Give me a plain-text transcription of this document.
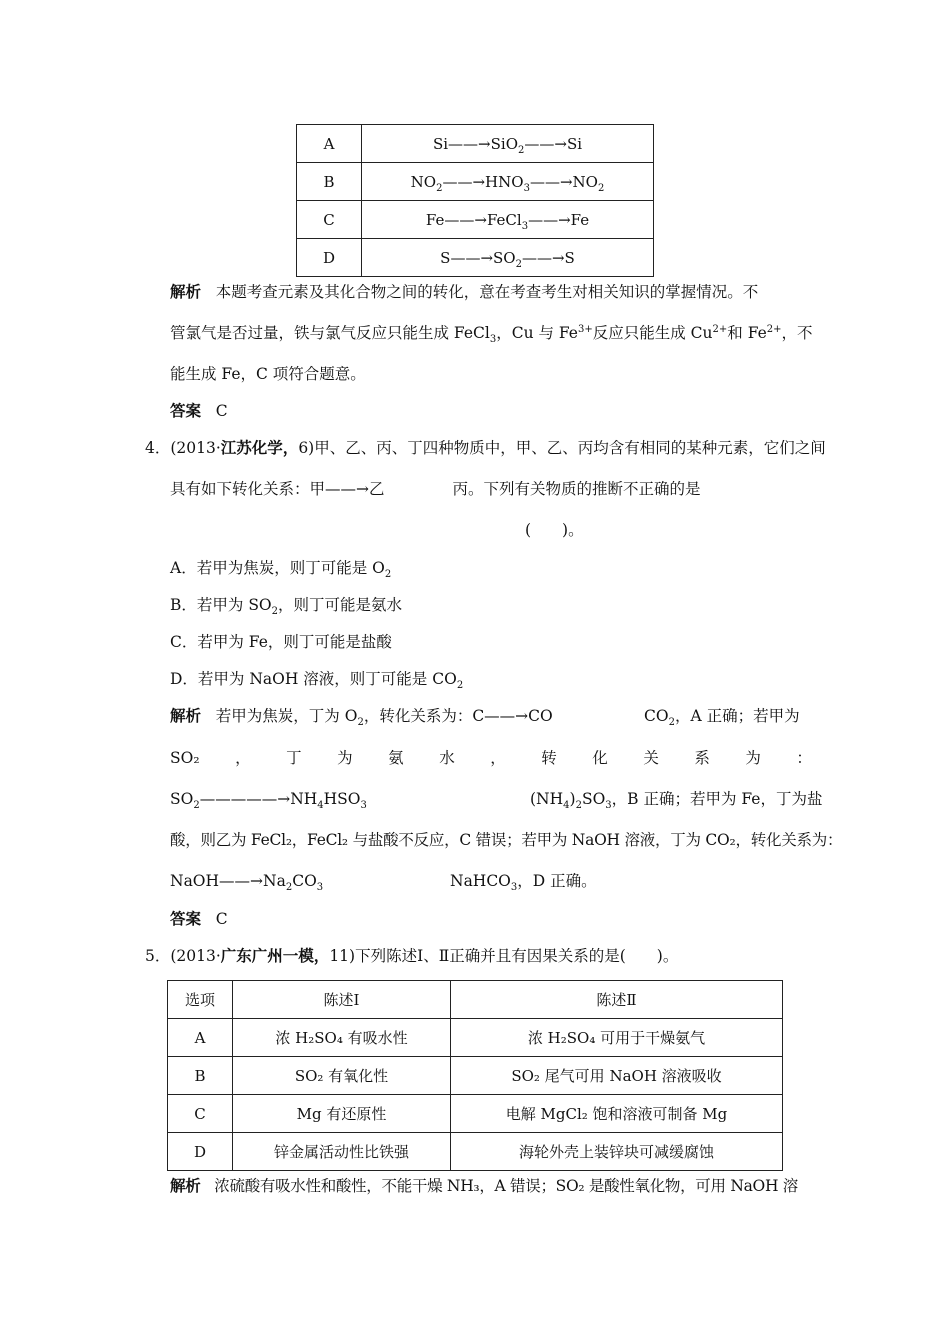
A	Si——→SiO$_2$——→Si
B	$NO_2——\to HNO_3——\to NO_2$
C	Fe——→FeCl$_3$——→Fe
D	$S——\to SO_2——\to S$
解析 本题考查元素及其化合物之间的转化，意在考查考生对相关知识的掌握情况。不
管氯气是否过量，铁与氯气反应只能生成 FeCl$_3$，Cu 与 $Fe^{3+}$反应只能生成 $Cu^{2+}$和 $Fe^{2+}$，不
能生成 Fe，C 项符合题意。
答案 C
4．(2013·江苏化学，6)甲、乙、丙、丁四种物质中，甲、乙、丙均含有相同的某种元素，它们之间
具有如下转化关系：甲——→乙	丙。下列有关物质的推断不正确的是
(　　)。
A．若甲为焦炭，则丁可能是 $O_2$
B．若甲为 $SO_2$，则丁可能是氨水
C．若甲为 Fe，则丁可能是盐酸
D．若甲为 NaOH 溶液，则丁可能是 $CO_2$
解析 若甲为焦炭，丁为 $O_2$，转化关系为：C——→CO	$CO_2$，A 正确；若甲为
SO₂ ， 丁 为 氨 水 ， 转 化 关 系 为 ：
$SO_2—————\to NH_4HSO_3$	$(NH_4)_2SO_3$，B 正确；若甲为 Fe，丁为盐
酸，则乙为 FeCl₂，FeCl₂ 与盐酸不反应，C 错误；若甲为 NaOH 溶液，丁为 CO₂，转化关系为：
$NaOH——\to Na_2CO_3$	NaHCO$_3$，D 正确。
答案 C
5．(2013·广东广州一模，11)下列陈述Ⅰ、Ⅱ正确并且有因果关系的是(　　)。
选项	陈述Ⅰ	陈述Ⅱ
A	浓 H₂SO₄ 有吸水性	浓 H₂SO₄ 可用于干燥氨气
B	SO₂ 有氧化性	SO₂ 尾气可用 NaOH 溶液吸收
C	Mg 有还原性	电解 MgCl₂ 饱和溶液可制备 Mg
D	锌金属活动性比铁强	海轮外壳上装锌块可减缓腐蚀
解析 浓硫酸有吸水性和酸性，不能干燥 NH₃，A 错误；SO₂ 是酸性氧化物，可用 NaOH 溶
